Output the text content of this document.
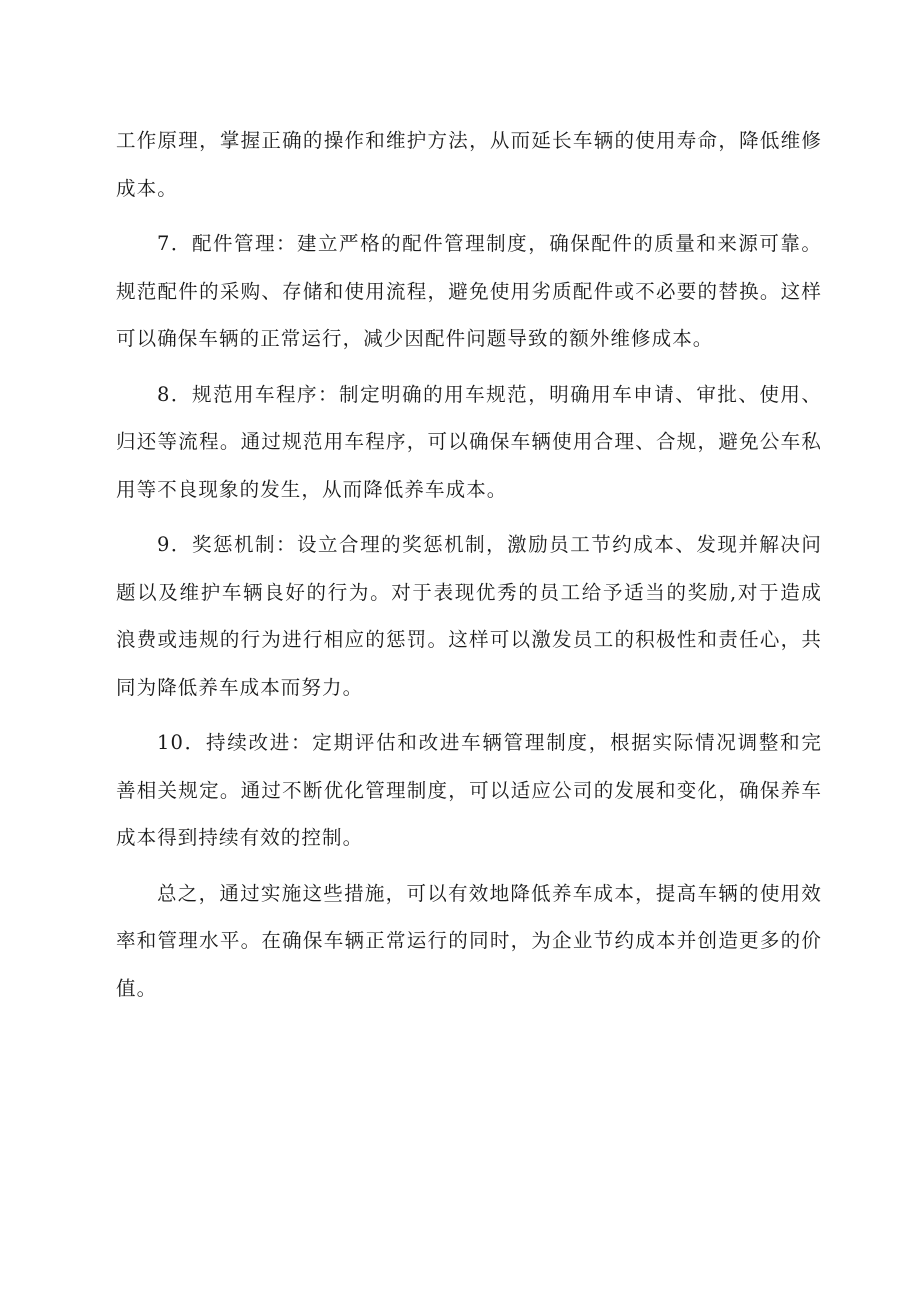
工作原理，掌握正确的操作和维护方法，从而延长车辆的使用寿命，降低维修成本。

7．配件管理：建立严格的配件管理制度，确保配件的质量和来源可靠。规范配件的采购、存储和使用流程，避免使用劣质配件或不必要的替换。这样可以确保车辆的正常运行，减少因配件问题导致的额外维修成本。

8．规范用车程序：制定明确的用车规范，明确用车申请、审批、使用、归还等流程。通过规范用车程序，可以确保车辆使用合理、合规，避免公车私用等不良现象的发生，从而降低养车成本。

9．奖惩机制：设立合理的奖惩机制，激励员工节约成本、发现并解决问题以及维护车辆良好的行为。对于表现优秀的员工给予适当的奖励,对于造成浪费或违规的行为进行相应的惩罚。这样可以激发员工的积极性和责任心，共同为降低养车成本而努力。

10．持续改进：定期评估和改进车辆管理制度，根据实际情况调整和完善相关规定。通过不断优化管理制度，可以适应公司的发展和变化，确保养车成本得到持续有效的控制。

总之，通过实施这些措施，可以有效地降低养车成本，提高车辆的使用效率和管理水平。在确保车辆正常运行的同时，为企业节约成本并创造更多的价值。
